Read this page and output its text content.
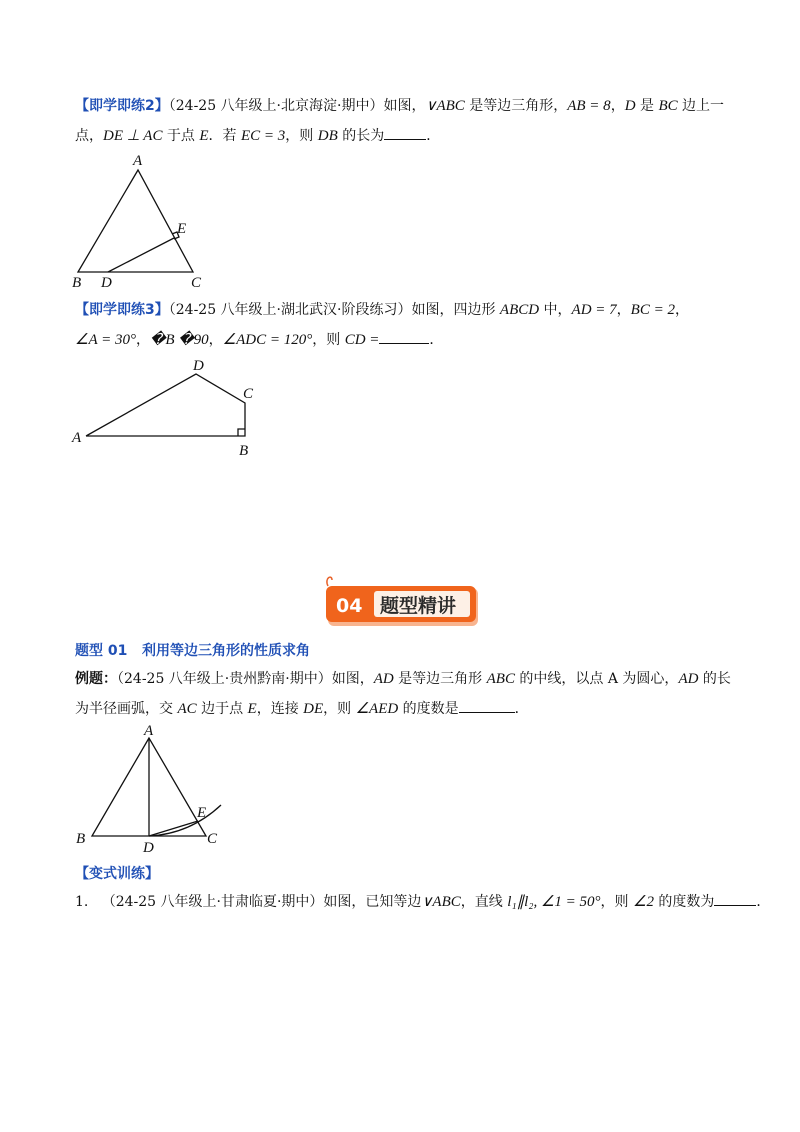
【即学即练2】（24-25 八年级上·北京海淀·期中）如图，∨ABC 是等边三角形，AB = 8，D 是 BC 边上一
点，DE ⊥ AC 于点 E．若 EC = 3，则 DB 的长为	．
A
B D	C
E
【即学即练3】（24-25 八年级上·湖北武汉·阶段练习）如图，四边形 ABCD 中，AD = 7，BC = 2，
∠A = 30°，�B �90，∠ADC = 120°，则 CD =	．
A
D
C
B
04 题型精讲
题型 01 利用等边三角形的性质求角
例题：（24-25 八年级上·贵州黔南·期中）如图，AD 是等边三角形 ABC 的中线，以点 A 为圆心，AD 的长
为半径画弧，交 AC 边于点 E，连接 DE，则 ∠AED 的度数是	．
A
B
D
C
E
【变式训练】
1. （24-25 八年级上·甘肃临夏·期中）如图，已知等边∨ABC，直线 l₁∥l₂, ∠1 = 50°，则 ∠2 的度数为	．
